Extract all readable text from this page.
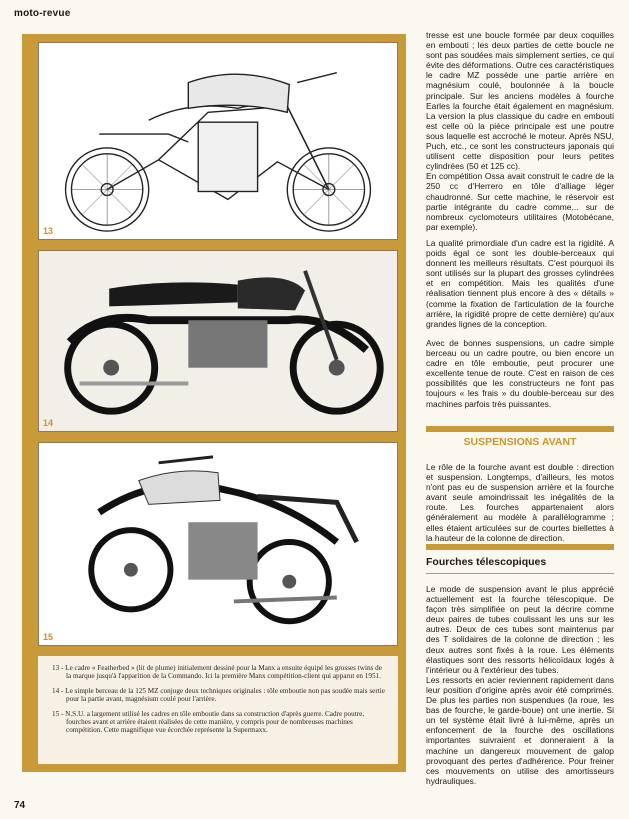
moto-revue
13
14
15

13 - Le cadre « Featherbed » (lit de plume) initialement dessiné pour la Manx a ensuite équipé les grosses twins de la marque jusqu'à l'apparition de la Commando. Ici la première Manx compétition-client qui apparut en 1951.

14 - Le simple berceau de la 125 MZ conjuge deux techniques originales : tôle emboutie non pas soudée mais sertie pour la partie avant, magnésium coulé pour l'arrière.

15 - N.S.U. a largement utilisé les cadres en tôle emboutie dans sa construction d'après guerre. Cadre poutre, fourches avant et arrière étaient réalisées de cette manière, y compris pour de nombreuses machines compétition. Cette magnifique vue écorchée représente la Supermaxx.

74

tresse est une boucle formée par deux coquilles en embouti ; les deux parties de cette boucle ne sont pas soudées mais simplement serties, ce qui évite des déformations. Outre ces caractéristiques le cadre MZ possède une partie arrière en magnésium coulé, boulonnée à la boucle principale. Sur les anciens modèles à fourche Earles la fourche était également en magnésium. La version la plus classique du cadre en embouti est celle où la pièce principale est une poutre sous laquelle est accroché le moteur. Après NSU, Puch, etc., ce sont les constructeurs japonais qui utilisent cette disposition pour leurs petites cylindrées (50 et 125 cc).

En compétition Ossa avait construit le cadre de la 250 cc d'Herrero en tôle d'alliage léger chaudronné. Sur cette machine, le réservoir est partie intégrante du cadre comme... sur de nombreux cyclomoteurs utilitaires (Motobécane, par exemple).

La qualité primordiale d'un cadre est la rigidité. A poids égal ce sont les double-berceaux qui donnent les meilleurs résultats. C'est pourquoi ils sont utilisés sur la plupart des grosses cylindrées et en compétition. Mais les qualités d'une réalisation tiennent plus encore à des « détails » (comme la fixation de l'articulation de la fourche arrière, la rigidité propre de cette dernière) qu'aux grandes lignes de la conception.

Avec de bonnes suspensions, un cadre simple berceau ou un cadre poutre, ou bien encore un cadre en tôle emboutie, peut procurer une excellente tenue de route. C'est en raison de ces possibilités que les constructeurs ne font pas toujours « les frais » du double-berceau sur des machines parfois très puissantes.

SUSPENSIONS AVANT

Le rôle de la fourche avant est double : direction et suspension. Longtemps, d'ailleurs, les motos n'ont pas eu de suspension arrière et la fourche avant seule amoindrissait les inégalités de la route. Les fourches appartenaient alors généralement au modèle à parallélogramme ; elles étaient articulées sur de courtes biellettes à la hauteur de la colonne de direction.

Fourches télescopiques

Le mode de suspension avant le plus apprécié actuellement est la fourche télescopique. De façon très simplifiée on peut la décrire comme deux paires de tubes coulissant les uns sur les autres. Deux de ces tubes sont maintenus par des T solidaires de la colonne de direction ; les deux autres sont fixés à la roue. Les éléments élastiques sont des ressorts hélicoïdaux logés à l'intérieur ou à l'extérieur des tubes.

Les ressorts en acier reviennent rapidement dans leur position d'origine après avoir été comprimés. De plus les parties non suspendues (la roue, les bas de fourche, le garde-boue) ont une inertie. Si un tel système était livré à lui-même, après un enfoncement de la fourche des oscillations importantes suivraient et donneraient à la machine un dangereux mouvement de galop provoquant des pertes d'adhérence. Pour freiner ces mouvements on utilise des amortisseurs hydrauliques.
